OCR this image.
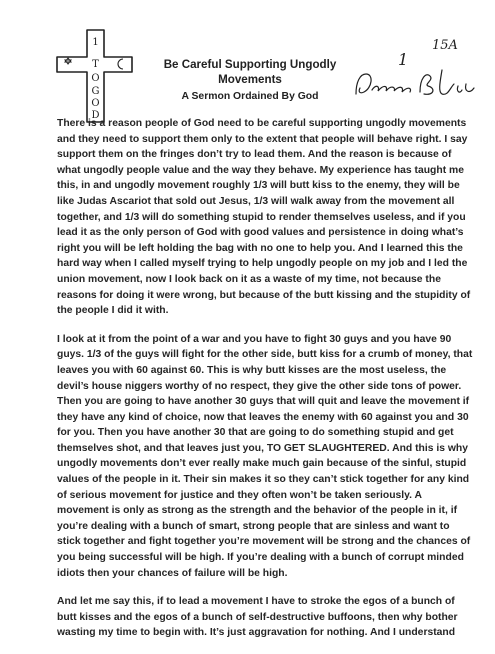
1
T
O
G
O
D

Be Careful Supporting Ungodly Movements

A Sermon Ordained By God
15A
1

There is a reason people of God need to be careful supporting ungodly movements and they need to support them only to the extent that people will behave right. I say support them on the fringes don’t try to lead them. And the reason is because of what ungodly people value and the way they behave. My experience has taught me this, in and ungodly movement roughly 1/3 will butt kiss to the enemy, they will be like Judas Ascariot that sold out Jesus, 1/3 will walk away from the movement all together, and 1/3 will do something stupid to render themselves useless, and if you lead it as the only person of God with good values and persistence in doing what’s right you will be left holding the bag with no one to help you. And I learned this the hard way when I called myself trying to help ungodly people on my job and I led the union movement, now I look back on it as a waste of my time, not because the reasons for doing it were wrong, but because of the butt kissing and the stupidity of the people I did it with.

I look at it from the point of a war and you have to fight 30 guys and you have 90 guys. 1/3 of the guys will fight for the other side, butt kiss for a crumb of money, that leaves you with 60 against 60. This is why butt kisses are the most useless, the devil’s house niggers worthy of no respect, they give the other side tons of power. Then you are going to have another 30 guys that will quit and leave the movement if they have any kind of choice, now that leaves the enemy with 60 against you and 30 for you. Then you have another 30 that are going to do something stupid and get themselves shot, and that leaves just you, TO GET SLAUGHTERED. And this is why ungodly movements don’t ever really make much gain because of the sinful, stupid values of the people in it. Their sin makes it so they can’t stick together for any kind of serious movement for justice and they often won’t be taken seriously. A movement is only as strong as the strength and the behavior of the people in it, if you’re dealing with a bunch of smart, strong people that are sinless and want to stick together and fight together you’re movement will be strong and the chances of you being successful will be high. If you’re dealing with a bunch of corrupt minded idiots then your chances of failure will be high.

And let me say this, if to lead a movement I have to stroke the egos of a bunch of butt kisses and the egos of a bunch of self-destructive buffoons, then why bother wasting my time to begin with. It’s just aggravation for nothing. And I understand
